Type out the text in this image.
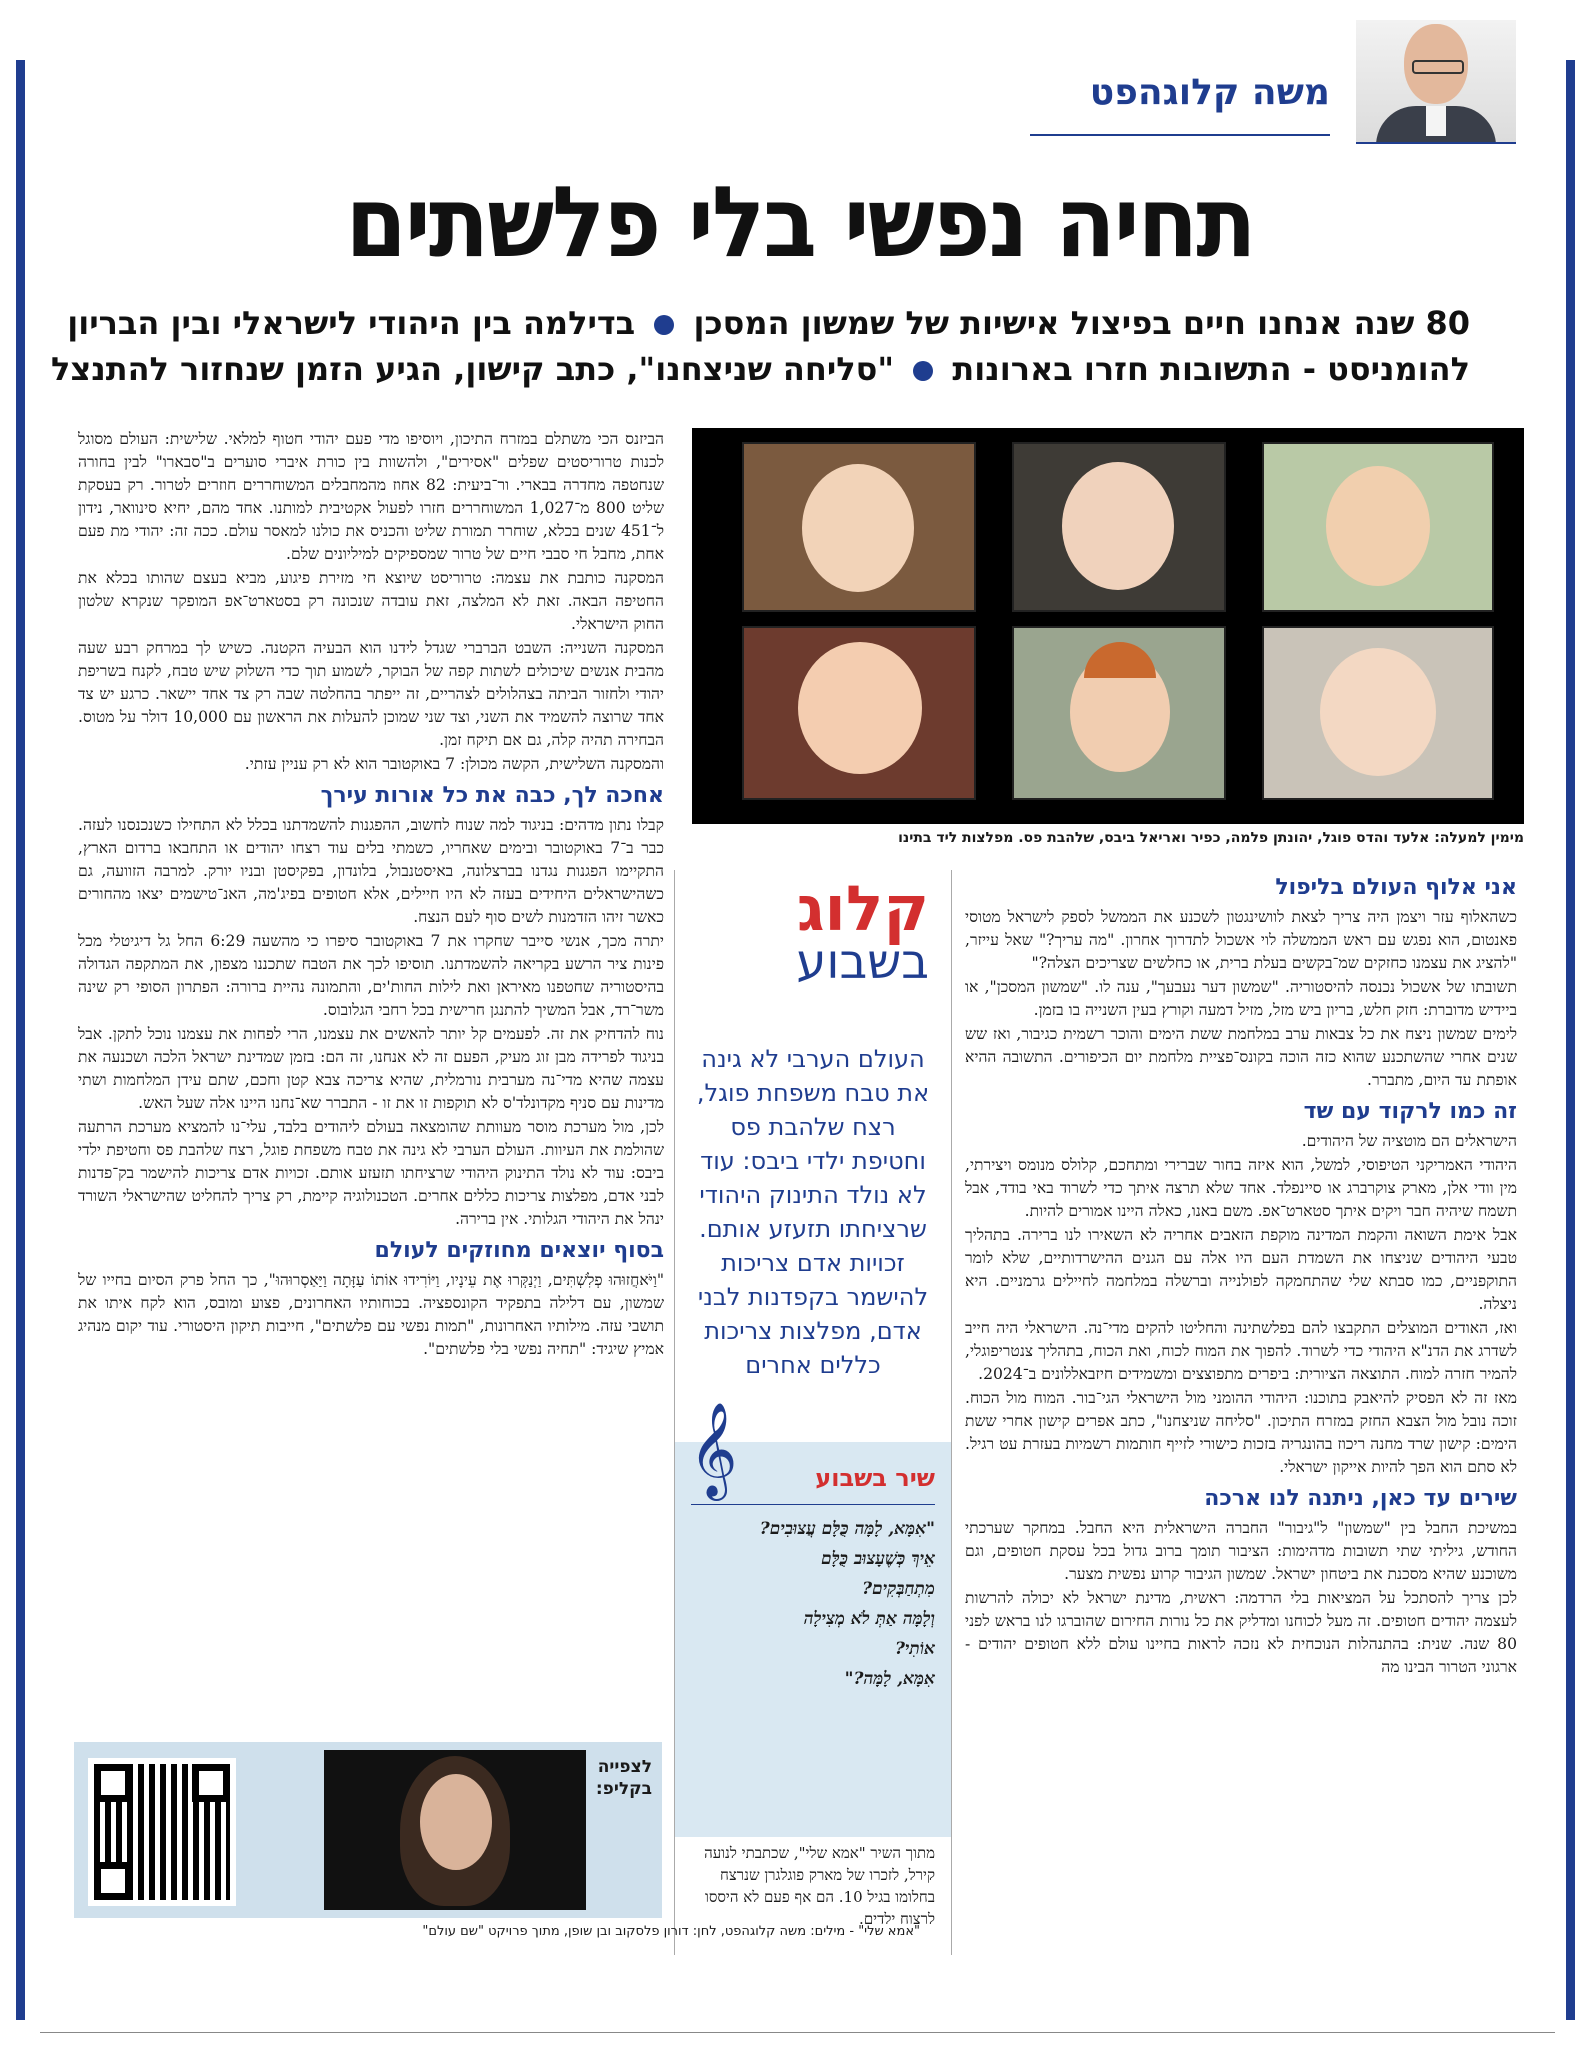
משה קלוגהפט
תחיה נפשי בלי פלשתים
80 שנה אנחנו חיים בפיצול אישיות של שמשון המסכן  בדילמה בין היהודי לישראלי ובין הבריון
להומניסט - התשובות חזרו בארונות  "סליחה שניצחנו", כתב קישון, הגיע הזמן שנחזור להתנצל
מימין למעלה: אלעד והדס פוגל, יהונתן פלמה, כפיר ואריאל ביבס, שלהבת פס. מפלצות ליד בתינו
אני אלוף העולם בליפול

כשהאלוף עזר ויצמן היה צריך לצאת לוושינגטון לשכנע את הממשל לספק לישראל מטוסי פאנטום, הוא נפגש עם ראש הממשלה לוי אשכול לתדרוך אחרון. "מה עריך?" שאל עייזר, "להציג את עצמנו כחזקים שמ־בקשים בעלת ברית, או כחלשים שצריכים הצלה?"

תשובתו של אשכול נכנסה להיסטוריה. "שמשון דער נעבעך", ענה לו. "שמשון המסכן", או ביידיש מדוברת: חזק חלש, בריון ביש מזל, מזיל דמעה וקורץ בעין השנייה בו בזמן.

לימים שמשון ניצח את כל צבאות ערב במלחמת ששת הימים והוכר רשמית כגיבור, ואז שש שנים אחרי שהשתכנע שהוא כזה הוכה בקונס־פציית מלחמת יום הכיפורים. התשובה ההיא אופתת עד היום, מתברר.

זה כמו לרקוד עם שד

הישראלים הם מוטציה של היהודים.

היהודי האמריקני הטיפוסי, למשל, הוא איזה בחור שברירי ומתחכם, קלולס מנומס ויצירתי, מין וודי אלן, מארק צוקרברג או סיינפלד. אחד שלא תרצה איתך כדי לשרוד באי בודד, אבל תשמח שיהיה חבר ויקים איתך סטארט־אפ. משם באנו, כאלה היינו אמורים להיות.

אבל אימת השואה והקמת המדינה מוקפת הזאבים אחריה לא השאירו לנו ברירה. בתהליך טבעי היהודים שניצחו את השמדת העם היו אלה עם הגנים ההישרדותיים, שלא לומר התוקפניים, כמו סבתא שלי שהתחמקה לפולנייה וברשלה במלחמה לחיילים גרמניים. היא ניצלה.

ואז, האודים המוצלים התקבצו להם בפלשתינה והחליטו להקים מדי־נה. הישראלי היה חייב לשדרג את הדנ"א היהודי כדי לשרוד. להפוך את המוח לכוח, ואת הכוח, בתהליך צנטריפוגלי, להמיר חזרה למוח. התוצאה הציורית: ביפרים מתפוצצים ומשמידים חיזבאללונים ב־2024.

מאז זה לא הפסיק להיאבק בתוכנו: היהודי ההומני מול הישראלי הגי־בור. המוח מול הכוח. זוכה נובל מול הצבא החזק במזרח התיכון. "סליחה שניצחנו", כתב אפרים קישון אחרי ששת הימים: קישון שרד מחנה ריכוז בהונגריה בזכות כישורי לזייף חותמות רשמיות בעזרת עט רגיל. לא סתם הוא הפך להיות אייקון ישראלי.

שירים עד כאן, ניתנה לנו ארכה

במשיכת החבל בין "שמשון" ל"גיבור" החברה הישראלית היא החבל. במחקר שערכתי החודש, גיליתי שתי תשובות מדהימות: הציבור תומך ברוב גדול בכל עסקת חטופים, וגם משוכנע שהיא מסכנת את ביטחון ישראל. שמשון הגיבור קרוע נפשית מצער.

לכן צריך להסתכל על המציאות בלי הרדמה: ראשית, מדינת ישראל לא יכולה להרשות לעצמה יהודים חטופים. זה מעל לכוחנו ומדליק את כל נורות החירום שהוברגו לנו בראש לפני 80 שנה. שנית: בהתנהלות הנוכחית לא נזכה לראות בחיינו עולם ללא חטופים יהודים - ארגוני הטרור הבינו מה

קלוג
בשבוע
העולם הערבי לא גינה את טבח משפחת פוגל, רצח שלהבת פס וחטיפת ילדי ביבס: עוד לא נולד התינוק היהודי שרציחתו תזעזע אותם. זכויות אדם צריכות להישמר בקפדנות לבני אדם, מפלצות צריכות כללים אחרים
𝄞	שיר בשבוע
"אִמָּא, לָמָּה כֻּלָּם עֲצוּבִים?
אֵיךְ כְּשֶׁעָצוּב כֻּלָּם
מִתְחַבְּקִים?
וְלָמָּה אַתְּ לֹא מְצִילָה
אוֹתִי?
אִמָּא, לָמָּה?"
מתוך השיר "אמא שלי", שכתבתי לנועה קירל, לזכרו של מארק פוגלגרן שנרצח בחלומו בגיל 10. הם אף פעם לא היססו לרצוח ילדים.

הביזנס הכי משתלם במזרח התיכון, ויוסיפו מדי פעם יהודי חטוף למלאי. שלישית: העולם מסוגל לכנות טרוריסטים שפלים "אסירים", ולהשוות בין כורת איברי סוערים ב"סבארו" לבין בחורה שנחטפה מחדרה בבארי. ור־ביעית: 82 אחוז מהמחבלים המשוחררים חוזרים לטרור. רק בעסקת שליט 800 מ־1,027 המשוחררים חזרו לפעול אקטיבית למותנו. אחד מהם, יחיא סינוואר, נידון ל־451 שנים בכלא, שוחרר תמורת שליט והכניס את כולנו למאסר עולם. ככה זה: יהודי מת פעם אחת, מחבל חי סבבי חיים של טרור שמספיקים למיליונים שלם.

המסקנה כותבת את עצמה: טרוריסט שיוצא חי מזירת פיגוע, מביא בעצם שהותו בכלא את החטיפה הבאה. זאת לא המלצה, זאת עובדה שנכונה רק בסטארט־אפ המופקר שנקרא שלטון החוק הישראלי.

המסקנה השנייה: השבט הברברי שגדל לידנו הוא הבעיה הקטנה. כשיש לך במרחק רבע שעה מהבית אנשים שיכולים לשתות קפה של הבוקר, לשמוע תוך כדי השלוק שיש טבח, לקנח בשריפת יהודי ולחזור הביתה בצהלולים לצהריים, זה ייפתר בהחלטה שבה רק צד אחד יישאר. כרגע יש צד אחד שרוצה להשמיד את השני, וצד שני שמוכן להעלות את הראשון עם 10,000 דולר על מטוס. הבחירה תהיה קלה, גם אם תיקח זמן.

והמסקנה השלישית, הקשה מכולן: 7 באוקטובר הוא לא רק עניין עזתי.

אחכה לך, כבה את כל אורות עירך

קבלו נתון מדהים: בניגוד למה שנוח לחשוב, ההפגנות להשמדתנו בכלל לא התחילו כשנכנסנו לעזה. כבר ב־7 באוקטובר ובימים שאחריו, כשמתי בלים עוד רצחו יהודים או התחבאו ברדום הארץ, התקיימו הפגנות נגדנו בברצלונה, באיסטנבול, בלונדון, בפקיסטן ובניו יורק. למרבה הזוועה, גם כשהישראלים היחידים בעזה לא היו חיילים, אלא חטופים בפיג'מה, האנ־טישמים יצאו מהחורים כאשר זיהו הזדמנות לשים סוף לעם הנצח.

יתרה מכך, אנשי סייבר שחקרו את 7 באוקטובר סיפרו כי מהשעה 6:29 החל גל דיגיטלי מכל פינות ציר הרשע בקריאה להשמדתנו. תוסיפו לכך את הטבח שתכננו מצפון, את המתקפה הגדולה בהיסטוריה שחטפנו מאיראן ואת לילות החות'ים, והתמונה נהיית ברורה: הפתרון הסופי רק שינה משר־רד, אבל המשיך להתנגן חרישית בכל רחבי הגלובוס.

נוח להדחיק את זה. לפעמים קל יותר להאשים את עצמנו, הרי לפחות את עצמנו נוכל לתקן. אבל בניגוד לפרידה מבן זוג מעיק, הפעם זה לא אנחנו, זה הם: בזמן שמדינת ישראל הלכה ושכנעה את עצמה שהיא מדי־נה מערבית נורמלית, שהיא צריכה צבא קטן וחכם, שתם עידן המלחמות ושתי מדינות עם סניף מקדונלד'ס לא תוקפות זו את זו - התברר שא־נחנו היינו אלה שעל האש.

לכן, מול מערכת מוסר מעוותת שהומצאה בעולם ליהודים בלבד, עלי־נו להמציא מערכת הרתעה שהולמת את העיוות. העולם הערבי לא גינה את טבח משפחת פוגל, רצח שלהבת פס וחטיפת ילדי ביבס: עוד לא נולד התינוק היהודי שרציחתו תזעזע אותם. זכויות אדם צריכות להישמר בק־פדנות לבני אדם, מפלצות צריכות כללים אחרים. הטכנולוגיה קיימת, רק צריך להחליט שהישראלי השורד ינהל את היהודי הגלותי. אין ברירה.

בסוף יוצאים מחוזקים לעולם

"וַיֹּאחֲזוּהוּ פְלִשְׁתִּים, וַיְנַקְּרוּ אֶת עֵינָיו, וַיּוֹרִידוּ אוֹתוֹ עַזָּתָה וַיַּאַסְרוּהוּ", כך החל פרק הסיום בחייו של שמשון, עם דלילה בתפקיד הקונספציה. בכוחותיו האחרונים, פצוע ומובס, הוא לקח איתו את תושבי עזה. מילותיו האחרונות, "תמות נפשי עם פלשתים", חייבות תיקון היסטורי. עוד יקום מנהיג אמיץ שיגיד: "תחיה נפשי בלי פלשתים".

לצפייה בקליפ:
"אמא שלי" - מילים: משה קלוגהפט, לחן: דורון פלסקוב ובן שופן, מתוך פרויקט "שם עולם"
